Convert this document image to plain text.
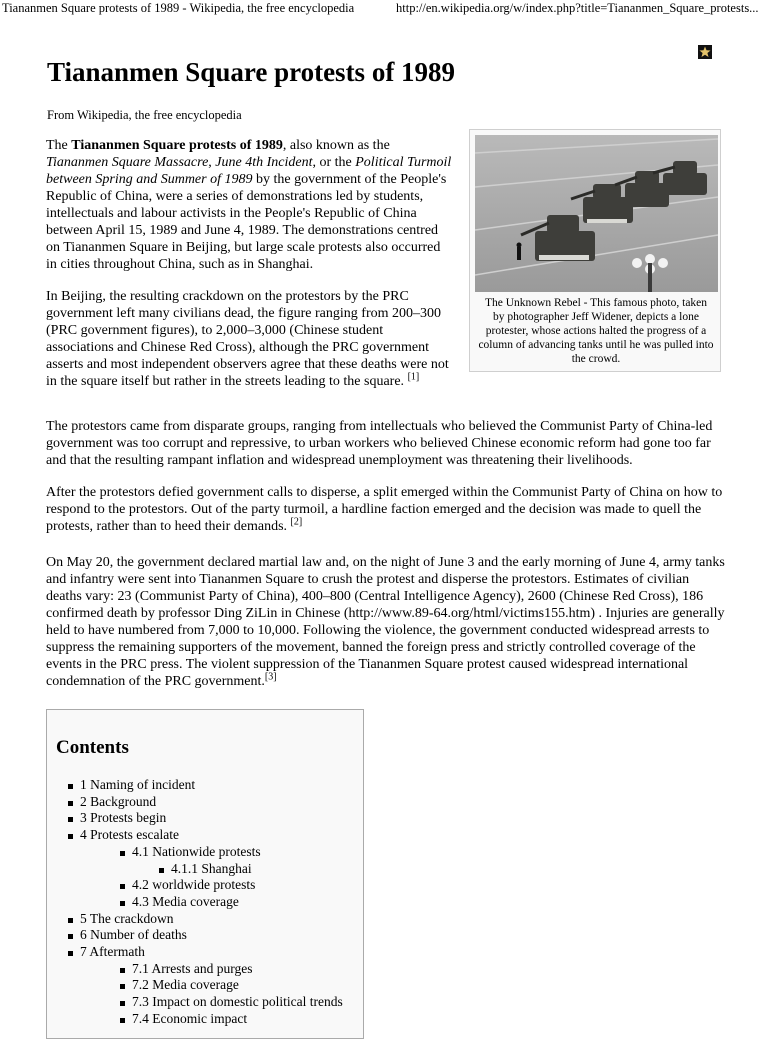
Tiananmen Square protests of 1989 - Wikipedia, the free encyclopedia	http://en.wikipedia.org/w/index.php?title=Tiananmen_Square_protests...
Tiananmen Square protests of 1989
From Wikipedia, the free encyclopedia

The Tiananmen Square protests of 1989, also known as the Tiananmen Square Massacre, June 4th Incident, or the Political Turmoil between Spring and Summer of 1989 by the government of the People's Republic of China, were a series of demonstrations led by students, intellectuals and labour activists in the People's Republic of China between April 15, 1989 and June 4, 1989. The demonstrations centred on Tiananmen Square in Beijing, but large scale protests also occurred in cities throughout China, such as in Shanghai.

In Beijing, the resulting crackdown on the protestors by the PRC government left many civilians dead, the figure ranging from 200–300 (PRC government figures), to 2,000–3,000 (Chinese student associations and Chinese Red Cross), although the PRC government asserts and most independent observers agree that these deaths were not in the square itself but rather in the streets leading to the square. [1]

The protestors came from disparate groups, ranging from intellectuals who believed the Communist Party of China-led government was too corrupt and repressive, to urban workers who believed Chinese economic reform had gone too far and that the resulting rampant inflation and widespread unemployment was threatening their livelihoods.

After the protestors defied government calls to disperse, a split emerged within the Communist Party of China on how to respond to the protestors. Out of the party turmoil, a hardline faction emerged and the decision was made to quell the protests, rather than to heed their demands. [2]

On May 20, the government declared martial law and, on the night of June 3 and the early morning of June 4, army tanks and infantry were sent into Tiananmen Square to crush the protest and disperse the protestors. Estimates of civilian deaths vary: 23 (Communist Party of China), 400–800 (Central Intelligence Agency), 2600 (Chinese Red Cross), 186 confirmed death by professor Ding ZiLin in Chinese (http://www.89-64.org/html/victims155.htm) . Injuries are generally held to have numbered from 7,000 to 10,000. Following the violence, the government conducted widespread arrests to suppress the remaining supporters of the movement, banned the foreign press and strictly controlled coverage of the events in the PRC press. The violent suppression of the Tiananmen Square protest caused widespread international condemnation of the PRC government.[3]

The Unknown Rebel - This famous photo, taken by photographer Jeff Widener, depicts a lone protester, whose actions halted the progress of a column of advancing tanks until he was pulled into the crowd.
Contents
1 Naming of incident
2 Background
3 Protests begin
4 Protests escalate
4.1 Nationwide protests
4.1.1 Shanghai
4.2 worldwide protests
4.3 Media coverage
5 The crackdown
6 Number of deaths
7 Aftermath
7.1 Arrests and purges
7.2 Media coverage
7.3 Impact on domestic political trends
7.4 Economic impact
